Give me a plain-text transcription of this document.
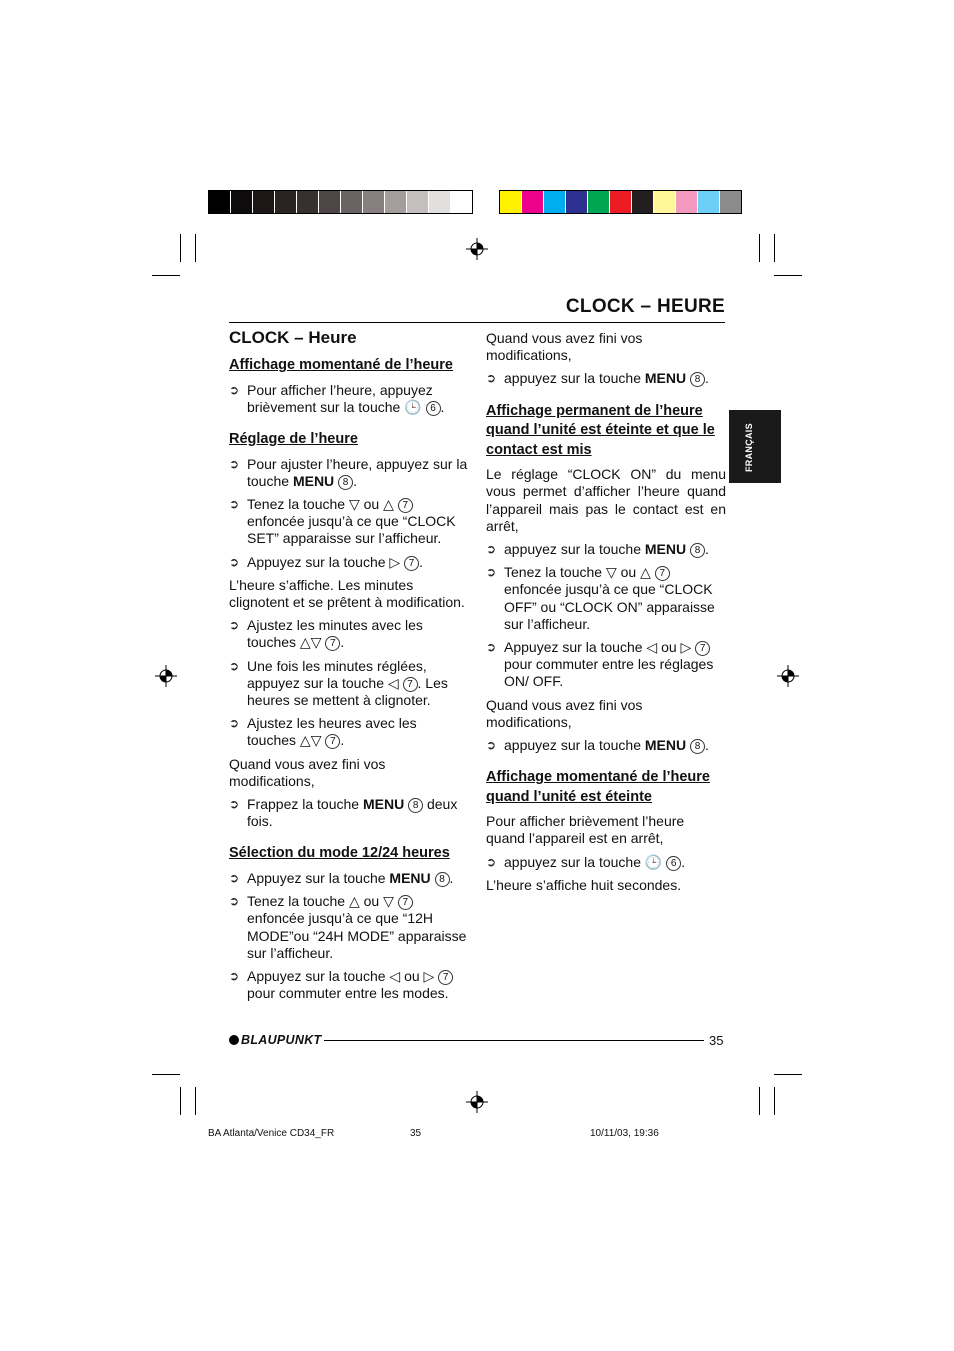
CLOCK – HEURE
FRANÇAIS
CLOCK – Heure
Affichage momentané de l’heure
➲ Pour afficher l’heure, appuyez brièvement sur la touche 🕒 6 .
Réglage de l’heure
➲ Pour ajuster l’heure, appuyez sur la touche MENU 8 .
➲ Tenez la touche ▽ ou △ 7 enfoncée jusqu’à ce que “CLOCK SET” apparaisse sur l’afficheur.
➲ Appuyez sur la touche ▷ 7 .

L’heure s’affiche. Les minutes clignotent et se prêtent à modification.

➲ Ajustez les minutes avec les touches △▽ 7 .
➲ Une fois les minutes réglées, appuyez sur la touche ◁ 7 . Les heures se mettent à clignoter.
➲ Ajustez les heures avec les touches △▽ 7 .

Quand vous avez fini vos modifications,

➲ Frappez la touche MENU 8 deux fois.
Sélection du mode 12/24 heures
➲ Appuyez sur la touche MENU 8 .
➲ Tenez la touche △ ou ▽ 7 enfoncée jusqu’à ce que “12H MODE”ou “24H MODE” apparaisse sur l’afficheur.
➲ Appuyez sur la touche ◁ ou ▷ 7 pour commuter entre les modes.

Quand vous avez fini vos modifications,

➲ appuyez sur la touche MENU 8 .
Affichage permanent de l’heure quand l’unité est éteinte et que le contact est mis

Le réglage “CLOCK ON” du menu vous permet d’afficher l’heure quand l’appareil mais pas le contact est en arrêt,

➲ appuyez sur la touche MENU 8 .
➲ Tenez la touche ▽ ou △ 7 enfoncée jusqu’à ce que “CLOCK OFF” ou “CLOCK ON” apparaisse sur l’afficheur.
➲ Appuyez sur la touche ◁ ou ▷ 7 pour commuter entre les réglages ON/ OFF.

Quand vous avez fini vos modifications,

➲ appuyez sur la touche MENU 8 .
Affichage momentané de l’heure quand l’unité est éteinte

Pour afficher brièvement l’heure quand l’appareil est en arrêt,

➲ appuyez sur la touche 🕒 6 .

L’heure s’affiche huit secondes.

BLAUPUNKT	35
BA Atlanta/Venice CD34_FR	35	10/11/03, 19:36
